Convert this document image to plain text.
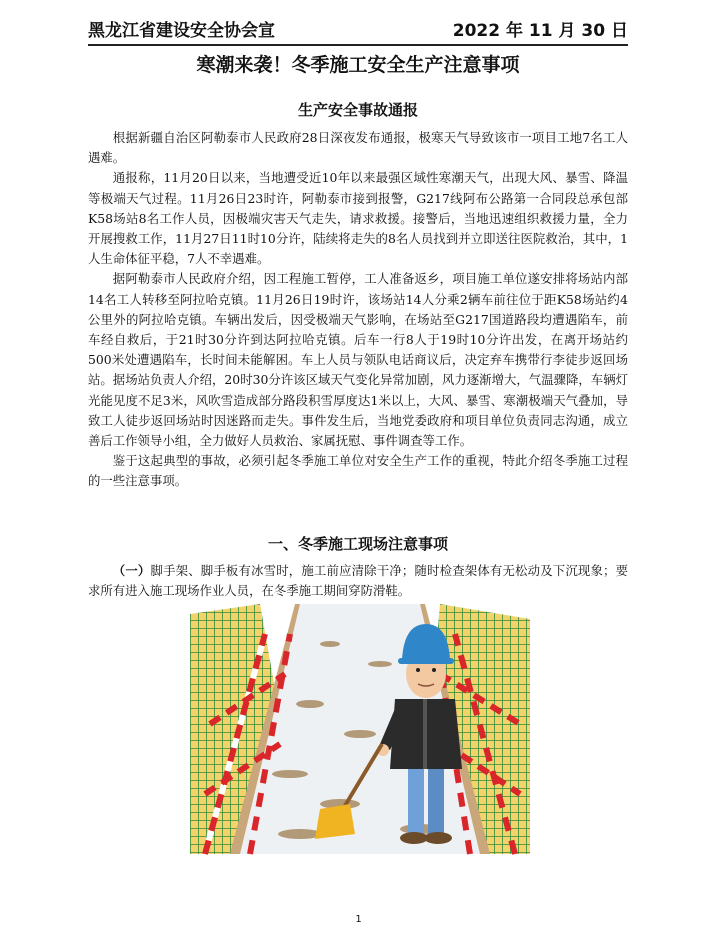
黑龙江省建设安全协会宣	2022 年 11 月 30 日
寒潮来袭！冬季施工安全生产注意事项
生产安全事故通报

根据新疆自治区阿勒泰市人民政府28日深夜发布通报，极寒天气导致该市一项目工地7名工人遇难。

通报称，11月20日以来，当地遭受近10年以来最强区域性寒潮天气，出现大风、暴雪、降温等极端天气过程。11月26日23时许，阿勒泰市接到报警，G217线阿布公路第一合同段总承包部K58场站8名工作人员，因极端灾害天气走失，请求救援。接警后，当地迅速组织救援力量，全力开展搜救工作，11月27日11时10分许，陆续将走失的8名人员找到并立即送往医院救治，其中，1人生命体征平稳，7人不幸遇难。

据阿勒泰市人民政府介绍，因工程施工暂停，工人准备返乡，项目施工单位遂安排将场站内部14名工人转移至阿拉哈克镇。11月26日19时许，该场站14人分乘2辆车前往位于距K58场站约4公里外的阿拉哈克镇。车辆出发后，因受极端天气影响，在场站至G217国道路段均遭遇陷车，前车经自救后，于21时30分许到达阿拉哈克镇。后车一行8人于19时10分许出发，在离开场站约500米处遭遇陷车，长时间未能解困。车上人员与领队电话商议后，决定弃车携带行李徒步返回场站。据场站负责人介绍，20时30分许该区域天气变化异常加剧，风力逐渐增大，气温骤降，车辆灯光能见度不足3米，风吹雪造成部分路段积雪厚度达1米以上，大风、暴雪、寒潮极端天气叠加，导致工人徒步返回场站时因迷路而走失。事件发生后，当地党委政府和项目单位负责同志沟通，成立善后工作领导小组，全力做好人员救治、家属抚慰、事件调查等工作。

鉴于这起典型的事故，必须引起冬季施工单位对安全生产工作的重视，特此介绍冬季施工过程的一些注意事项。

一、冬季施工现场注意事项

（一）脚手架、脚手板有冰雪时，施工前应清除干净；随时检查架体有无松动及下沉现象；要求所有进入施工现场作业人员，在冬季施工期间穿防滑鞋。

1
